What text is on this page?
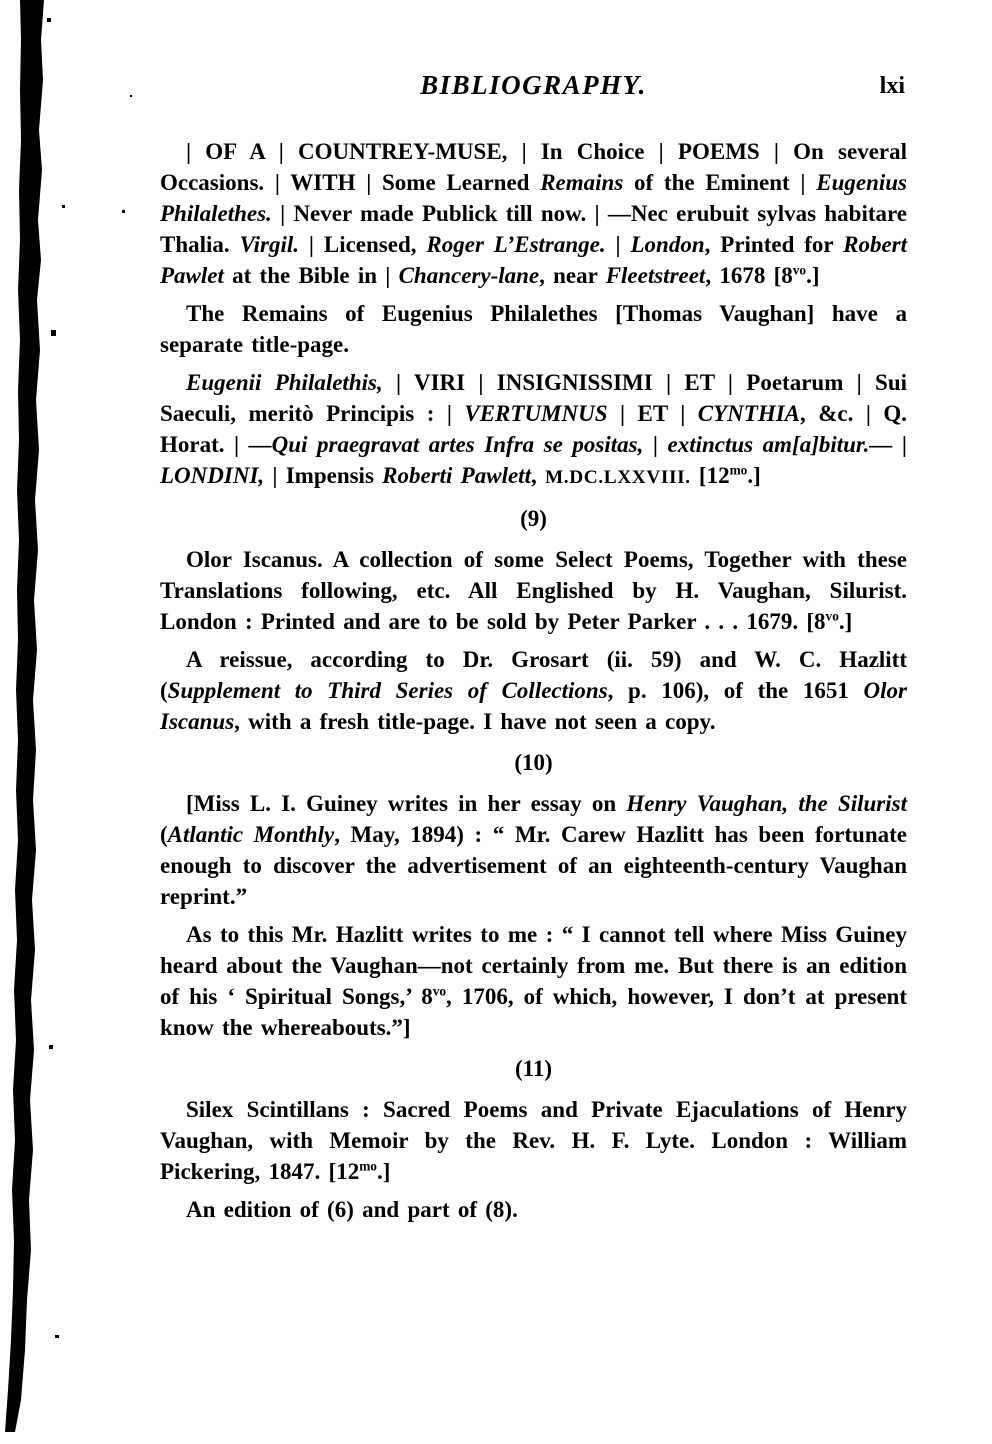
BIBLIOGRAPHY.	lxi
| OF A | COUNTREY-MUSE, | In Choice | POEMS | On several Occasions. | WITH | Some Learned Remains of the Eminent | Eugenius Philalethes. | Never made Publick till now. | —Nec erubuit sylvas habitare Thalia. Virgil. | Licensed, Roger L’Estrange. | London, Printed for Robert Pawlet at the Bible in | Chancery-lane, near Fleetstreet, 1678 $[8^{vo}.]$
The Remains of Eugenius Philalethes [Thomas Vaughan] have a separate title-page.
Eugenii Philalethis, | VIRI | INSIGNISSIMI | ET | Poetarum | Sui Saeculi, meritò Principis : | VERTUMNUS | ET | CYNTHIA, &c. | Q. Horat. | —Qui praegravat artes Infra se positas, | extinctus am[a]bitur.— | LONDINI, | Impensis Roberti Pawlett, M.DC.LXXVIII. $[12^{mo}.]$
(9)
Olor Iscanus. A collection of some Select Poems, Together with these Translations following, etc. All Englished by H. Vaughan, Silurist. London : Printed and are to be sold by Peter Parker . . . 1679. $[8^{vo}.]$
A reissue, according to Dr. Grosart (ii. 59) and W. C. Hazlitt (Supplement to Third Series of Collections, p. 106), of the 1651 Olor Iscanus, with a fresh title-page. I have not seen a copy.
(10)
[Miss L. I. Guiney writes in her essay on Henry Vaughan, the Silurist (Atlantic Monthly, May, 1894) : “ Mr. Carew Hazlitt has been fortunate enough to discover the advertisement of an eighteenth-century Vaughan reprint.”
As to this Mr. Hazlitt writes to me : “ I cannot tell where Miss Guiney heard about the Vaughan—not certainly from me. But there is an edition of his ‘ Spiritual Songs,’ $8^{vo}$, 1706, of which, however, I don’t at present know the whereabouts.”]
(11)
Silex Scintillans : Sacred Poems and Private Ejaculations of Henry Vaughan, with Memoir by the Rev. H. F. Lyte. London : William Pickering, 1847. $[12^{mo}.]$
An edition of (6) and part of (8).
